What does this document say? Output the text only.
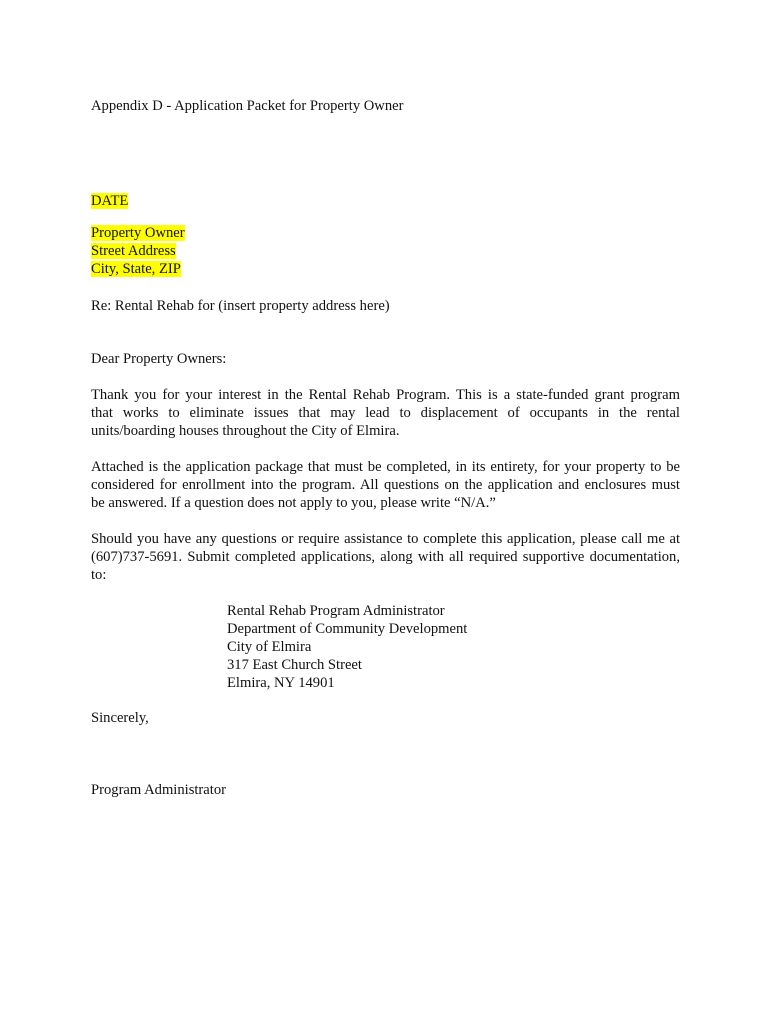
Appendix D - Application Packet for Property Owner
DATE
Property Owner
Street Address
City, State, ZIP
Re: Rental Rehab for (insert property address here)
Dear Property Owners:
Thank you for your interest in the Rental Rehab Program. This is a state-funded grant program
that works to eliminate issues that may lead to displacement of occupants in the rental
units/boarding houses throughout the City of Elmira.
Attached is the application package that must be completed, in its entirety, for your property to be
considered for enrollment into the program. All questions on the application and enclosures must
be answered. If a question does not apply to you, please write “N/A.”
Should you have any questions or require assistance to complete this application, please call me at
(607)737-5691. Submit completed applications, along with all required supportive documentation,
to:
Rental Rehab Program Administrator
Department of Community Development
City of Elmira
317 East Church Street
Elmira, NY 14901
Sincerely,
Program Administrator
